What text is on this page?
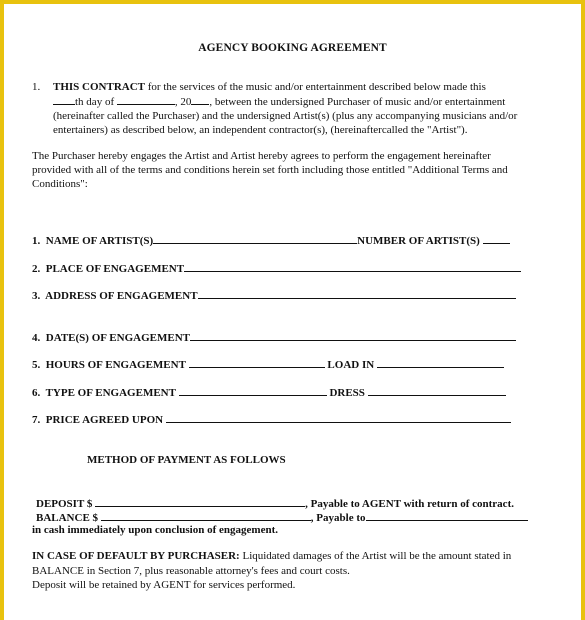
AGENCY BOOKING AGREEMENT
1. THIS CONTRACT for the services of the music and/or entertainment described below made this
th day of	, 20 , between the undersigned Purchaser of music and/or entertainment (hereinafter called the Purchaser) and the undersigned Artist(s) (plus any accompanying musicians and/or entertainers) as described below, an independent contractor(s), (hereinaftercalled the "Artist").
The Purchaser hereby engages the Artist and Artist hereby agrees to perform the engagement hereinafter provided with all of the terms and conditions herein set forth including those entitled "Additional Terms and Conditions":
1. NAME OF ARTIST(S)	NUMBER OF ARTIST(S)
2. PLACE OF ENGAGEMENT
3. ADDRESS OF ENGAGEMENT
4. DATE(S) OF ENGAGEMENT
5. HOURS OF ENGAGEMENT	LOAD IN
6. TYPE OF ENGAGEMENT	DRESS
7. PRICE AGREED UPON
METHOD OF PAYMENT AS FOLLOWS
DEPOSIT $	, Payable to AGENT with return of contract.
BALANCE $	, Payable to
in cash immediately upon conclusion of engagement.
IN CASE OF DEFAULT BY PURCHASER: Liquidated damages of the Artist will be the amount stated in BALANCE in Section 7, plus reasonable attorney's fees and court costs.
Deposit will be retained by AGENT for services performed.
